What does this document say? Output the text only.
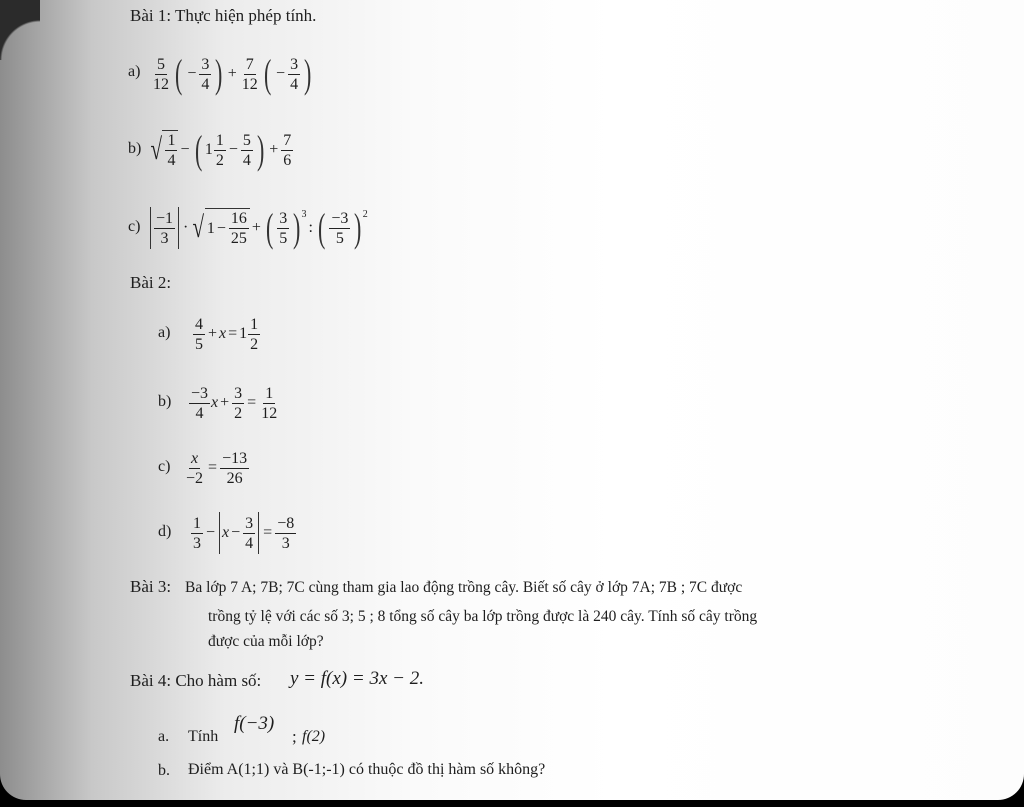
Bài 1: Thực hiện phép tính.
a) 5
12 ( − $\frac{3}{4}$ ) + $\frac{7}{12}$ ( − $\frac{3}{4}$ )
b) √ 1
4
− ( 1
1
2
− $\frac{5}{4}$ ) + $\frac{7}{6}$
c) −1
3
· √ $1 - \frac{16}{25}$ + ( 3
5 )$^3$
: ( −3
5 )$^2$
Bài 2:
a) 4
5
+ x = 1
1
2
b) −3
4
$x + \frac{3}{2} = \frac{1}{12}$
$c) \frac{x}{-2} = \frac{-13}{26}$
d) 1
3
− $x - \frac{3}{4} = \frac{-8}{3}$
Bài 3: Ba lớp 7 A; 7B; 7C cùng tham gia lao động trồng cây. Biết số cây ở lớp 7A; 7B ; 7C được
trồng tỷ lệ với các số 3; 5 ; 8 tổng số cây ba lớp trồng được là 240 cây. Tính số cây trồng
được của mỗi lớp?
Bài 4: Cho hàm số: y = f(x) = 3x − 2.
a. Tính
f(−3)
; f(2)
b. Điểm A(1;1) và B(-1;-1) có thuộc đồ thị hàm số không?
